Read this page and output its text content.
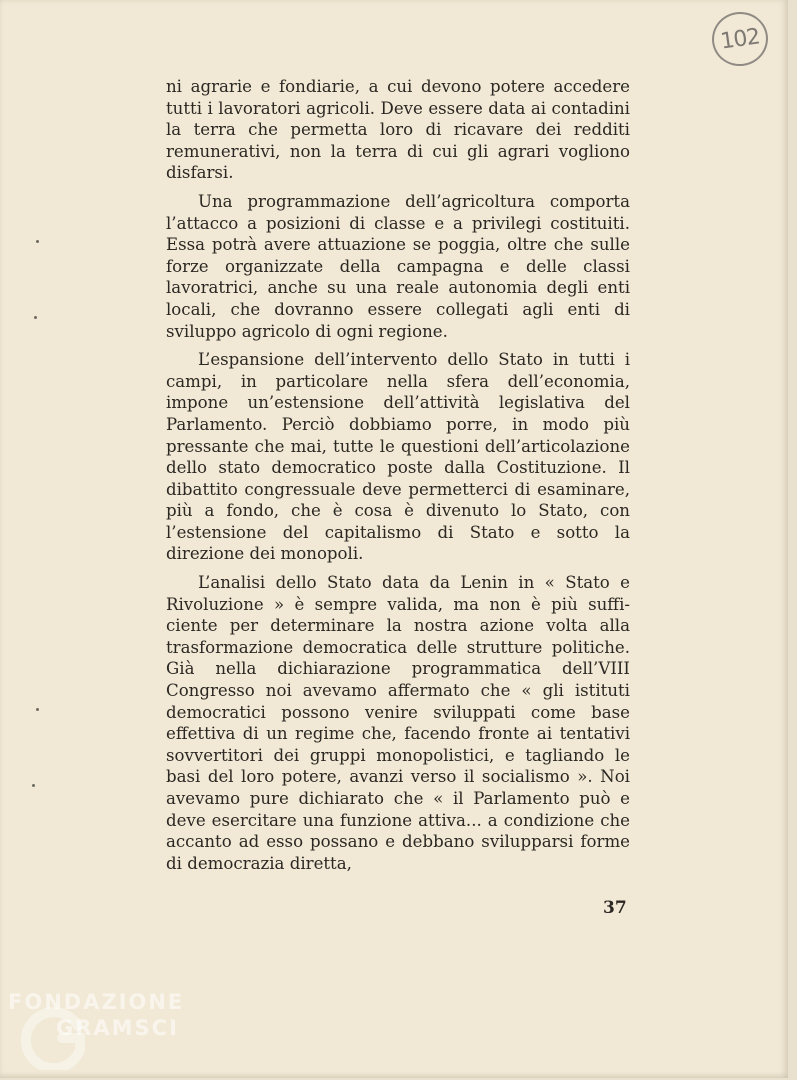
102

ni agrarie e fondiarie, a cui devono potere accedere tutti i lavoratori agricoli. Deve essere data ai contadini la terra che permetta loro di ricavare dei redditi remunerativi, non la terra di cui gli agrari vogliono disfarsi.

Una programmazione dell’agricoltura comporta l’attacco a posizioni di classe e a privilegi costituiti. Essa potrà avere attuazione se poggia, oltre che sulle forze organizzate della campagna e delle classi lavoratrici, anche su una reale autonomia degli enti locali, che dovranno essere collegati agli enti di sviluppo agricolo di ogni regione.

L’espansione dell’intervento dello Stato in tutti i campi, in particolare nella sfera dell’economia, impone un’estensione dell’attività legislativa del Parlamento. Perciò dobbiamo porre, in modo più pressante che mai, tutte le questioni dell’articolazione dello stato democratico poste dalla Costituzione. Il dibattito congressuale deve permetterci di esaminare, più a fondo, che è cosa è divenuto lo Stato, con l’estensione del capitalismo di Stato e sotto la direzione dei monopoli.

L’analisi dello Stato data da Lenin in « Stato e Rivoluzione » è sempre valida, ma non è più sufficiente per determinare la nostra azione volta alla trasformazione democratica delle strutture politiche. Già nella dichiarazione programmatica dell’VIII Congresso noi avevamo affermato che « gli istituti democratici possono venire sviluppati come base effettiva di un regime che, facendo fronte ai tentativi sovvertitori dei gruppi monopolistici, e tagliando le basi del loro potere, avanzi verso il socialismo ». Noi avevamo pure dichiarato che « il Parlamento può e deve esercitare una funzione attiva... a condizione che accanto ad esso possano e debbano svilupparsi forme di democrazia diretta,

37
FONDAZIONE
GRAMSCI
